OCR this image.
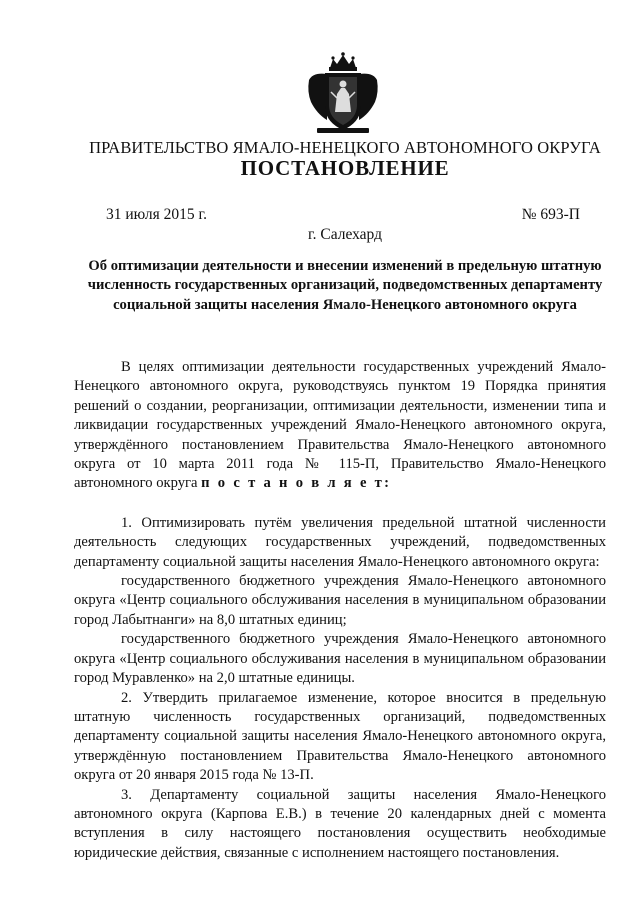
ПРАВИТЕЛЬСТВО ЯМАЛО-НЕНЕЦКОГО АВТОНОМНОГО ОКРУГА
ПОСТАНОВЛЕНИЕ
31 июля 2015 г.	№ 693-П
г. Салехард
Об оптимизации деятельности и внесении изменений в предельную штатную численность государственных организаций, подведомственных департаменту социальной защиты населения Ямало-Ненецкого автономного округа

В целях оптимизации деятельности государственных учреждений Ямало-Ненецкого автономного округа, руководствуясь пунктом 19 Порядка принятия решений о создании, реорганизации, оптимизации деятельности, изменении типа и ликвидации государственных учреждений Ямало-Ненецкого автономного округа, утверждённого постановлением Правительства Ямало-Ненецкого автономного округа от 10 марта 2011 года № 115-П, Правительство Ямало-Ненецкого автономного округа п о с т а н о в л я е т:

1. Оптимизировать путём увеличения предельной штатной численности деятельность следующих государственных учреждений, подведомственных департаменту социальной защиты населения Ямало-Ненецкого автономного округа:

государственного бюджетного учреждения Ямало-Ненецкого автономного округа «Центр социального обслуживания населения в муниципальном образовании город Лабытнанги» на 8,0 штатных единиц;

государственного бюджетного учреждения Ямало-Ненецкого автономного округа «Центр социального обслуживания населения в муниципальном образовании город Муравленко» на 2,0 штатные единицы.

2. Утвердить прилагаемое изменение, которое вносится в предельную штатную численность государственных организаций, подведомственных департаменту социальной защиты населения Ямало-Ненецкого автономного округа, утверждённую постановлением Правительства Ямало-Ненецкого автономного округа от 20 января 2015 года № 13-П.

3. Департаменту социальной защиты населения Ямало-Ненецкого автономного округа (Карпова Е.В.) в течение 20 календарных дней с момента вступления в силу настоящего постановления осуществить необходимые юридические действия, связанные с исполнением настоящего постановления.
